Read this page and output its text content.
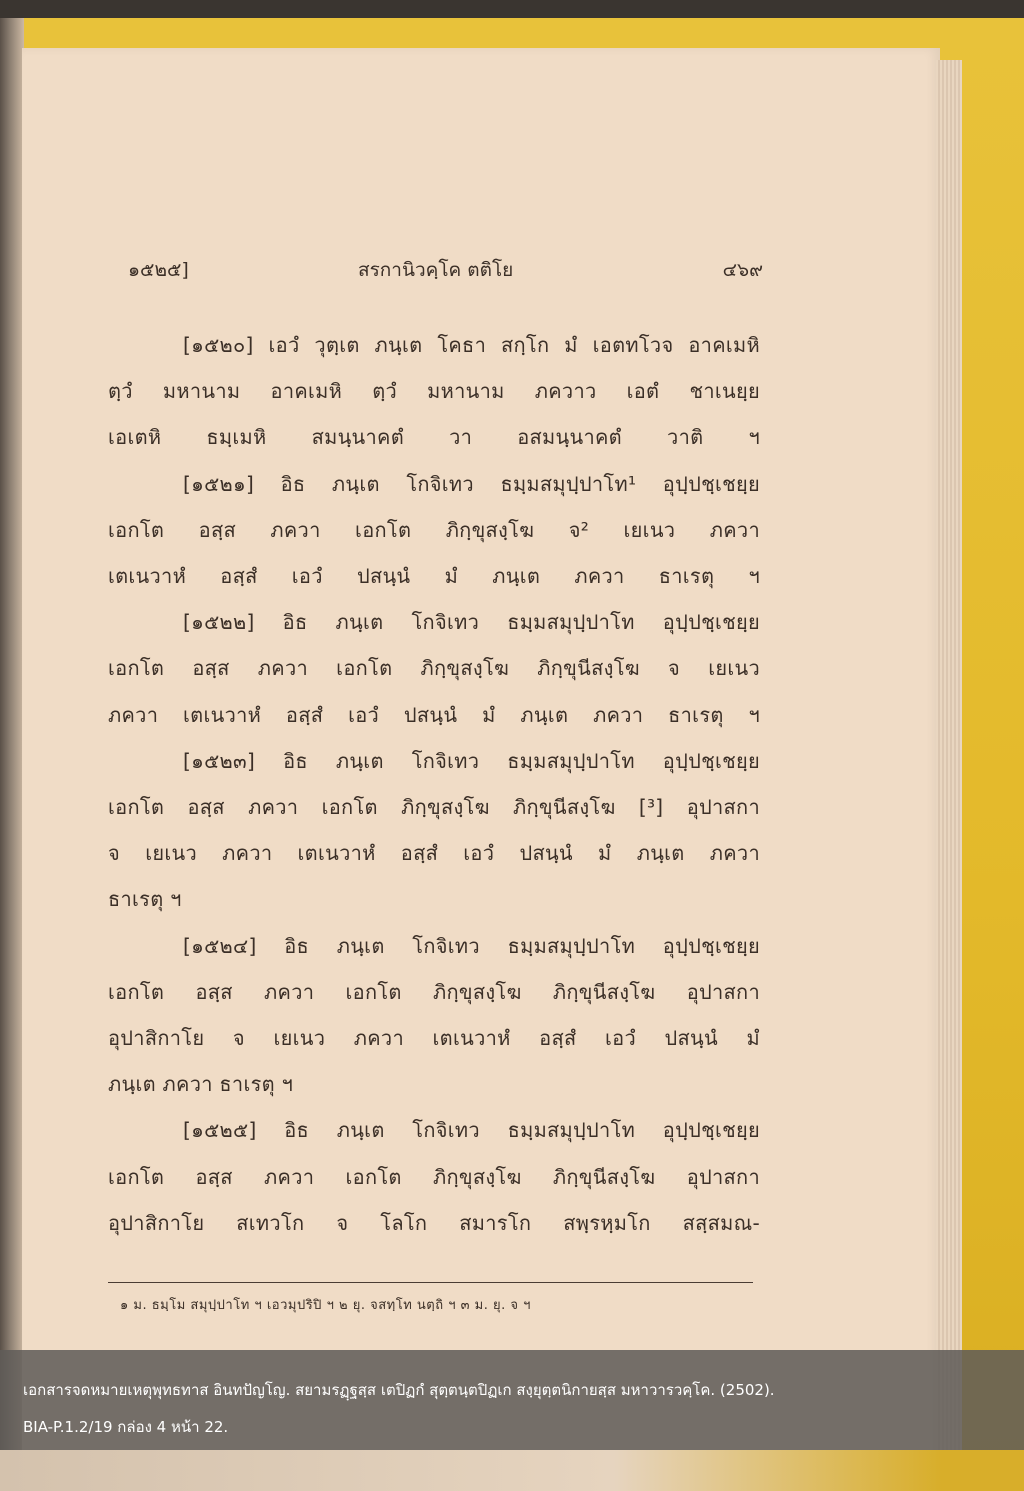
๑๕๒๕]	สรกานิวคฺโค ตติโย	๔๖๙
[๑๕๒๐] เอวํ วุตฺเต ภนฺเต โคธา สกฺโก มํ เอตทโวจ อาคเมหิ
ตฺวํ มหานาม อาคเมหิ ตฺวํ มหานาม ภควาว เอตํ ชาเนยฺย
เอเตหิ ธมฺเมหิ สมนฺนาคตํ วา อสมนฺนาคตํ วาติ ฯ
[๑๕๒๑] อิธ ภนฺเต โกจิเทว ธมฺมสมุปฺปาโท¹ อุปฺปชฺเชยฺย
เอกโต อสฺส ภควา เอกโต ภิกฺขุสงฺโฆ จ² เยเนว ภควา
เตเนวาหํ อสฺสํ เอวํ ปสนฺนํ มํ ภนฺเต ภควา ธาเรตุ ฯ
[๑๕๒๒] อิธ ภนฺเต โกจิเทว ธมฺมสมุปฺปาโท อุปฺปชฺเชยฺย
เอกโต อสฺส ภควา เอกโต ภิกฺขุสงฺโฆ ภิกฺขุนีสงฺโฆ จ เยเนว
ภควา เตเนวาหํ อสฺสํ เอวํ ปสนฺนํ มํ ภนฺเต ภควา ธาเรตุ ฯ
[๑๕๒๓] อิธ ภนฺเต โกจิเทว ธมฺมสมุปฺปาโท อุปฺปชฺเชยฺย
เอกโต อสฺส ภควา เอกโต ภิกฺขุสงฺโฆ ภิกฺขุนีสงฺโฆ [³] อุปาสกา
จ เยเนว ภควา เตเนวาหํ อสฺสํ เอวํ ปสนฺนํ มํ ภนฺเต ภควา
ธาเรตุ ฯ
[๑๕๒๔] อิธ ภนฺเต โกจิเทว ธมฺมสมุปฺปาโท อุปฺปชฺเชยฺย
เอกโต อสฺส ภควา เอกโต ภิกฺขุสงฺโฆ ภิกฺขุนีสงฺโฆ อุปาสกา
อุปาสิกาโย จ เยเนว ภควา เตเนวาหํ อสฺสํ เอวํ ปสนฺนํ มํ
ภนฺเต ภควา ธาเรตุ ฯ
[๑๕๒๕] อิธ ภนฺเต โกจิเทว ธมฺมสมุปฺปาโท อุปฺปชฺเชยฺย
เอกโต อสฺส ภควา เอกโต ภิกฺขุสงฺโฆ ภิกฺขุนีสงฺโฆ อุปาสกา
อุปาสิกาโย สเทวโก จ โลโก สมารโก สพฺรหฺมโก สสฺสมณ-
๑ ม. ธมฺโม สมุปฺปาโท ฯ เอวมุปริปิ ฯ ๒ ยุ. จสทฺโท นตฺถิ ฯ ๓ ม. ยุ. จ ฯ
เอกสารจดหมายเหตุพุทธทาส อินทปัญโญ. สยามรฏฺฐสฺส เตปิฏกํ สุตฺตนฺตปิฏเก สงฺยุตฺตนิกายสฺส มหาวารวคฺโค. (2502).
BIA-P.1.2/19 กล่อง 4 หน้า 22.
